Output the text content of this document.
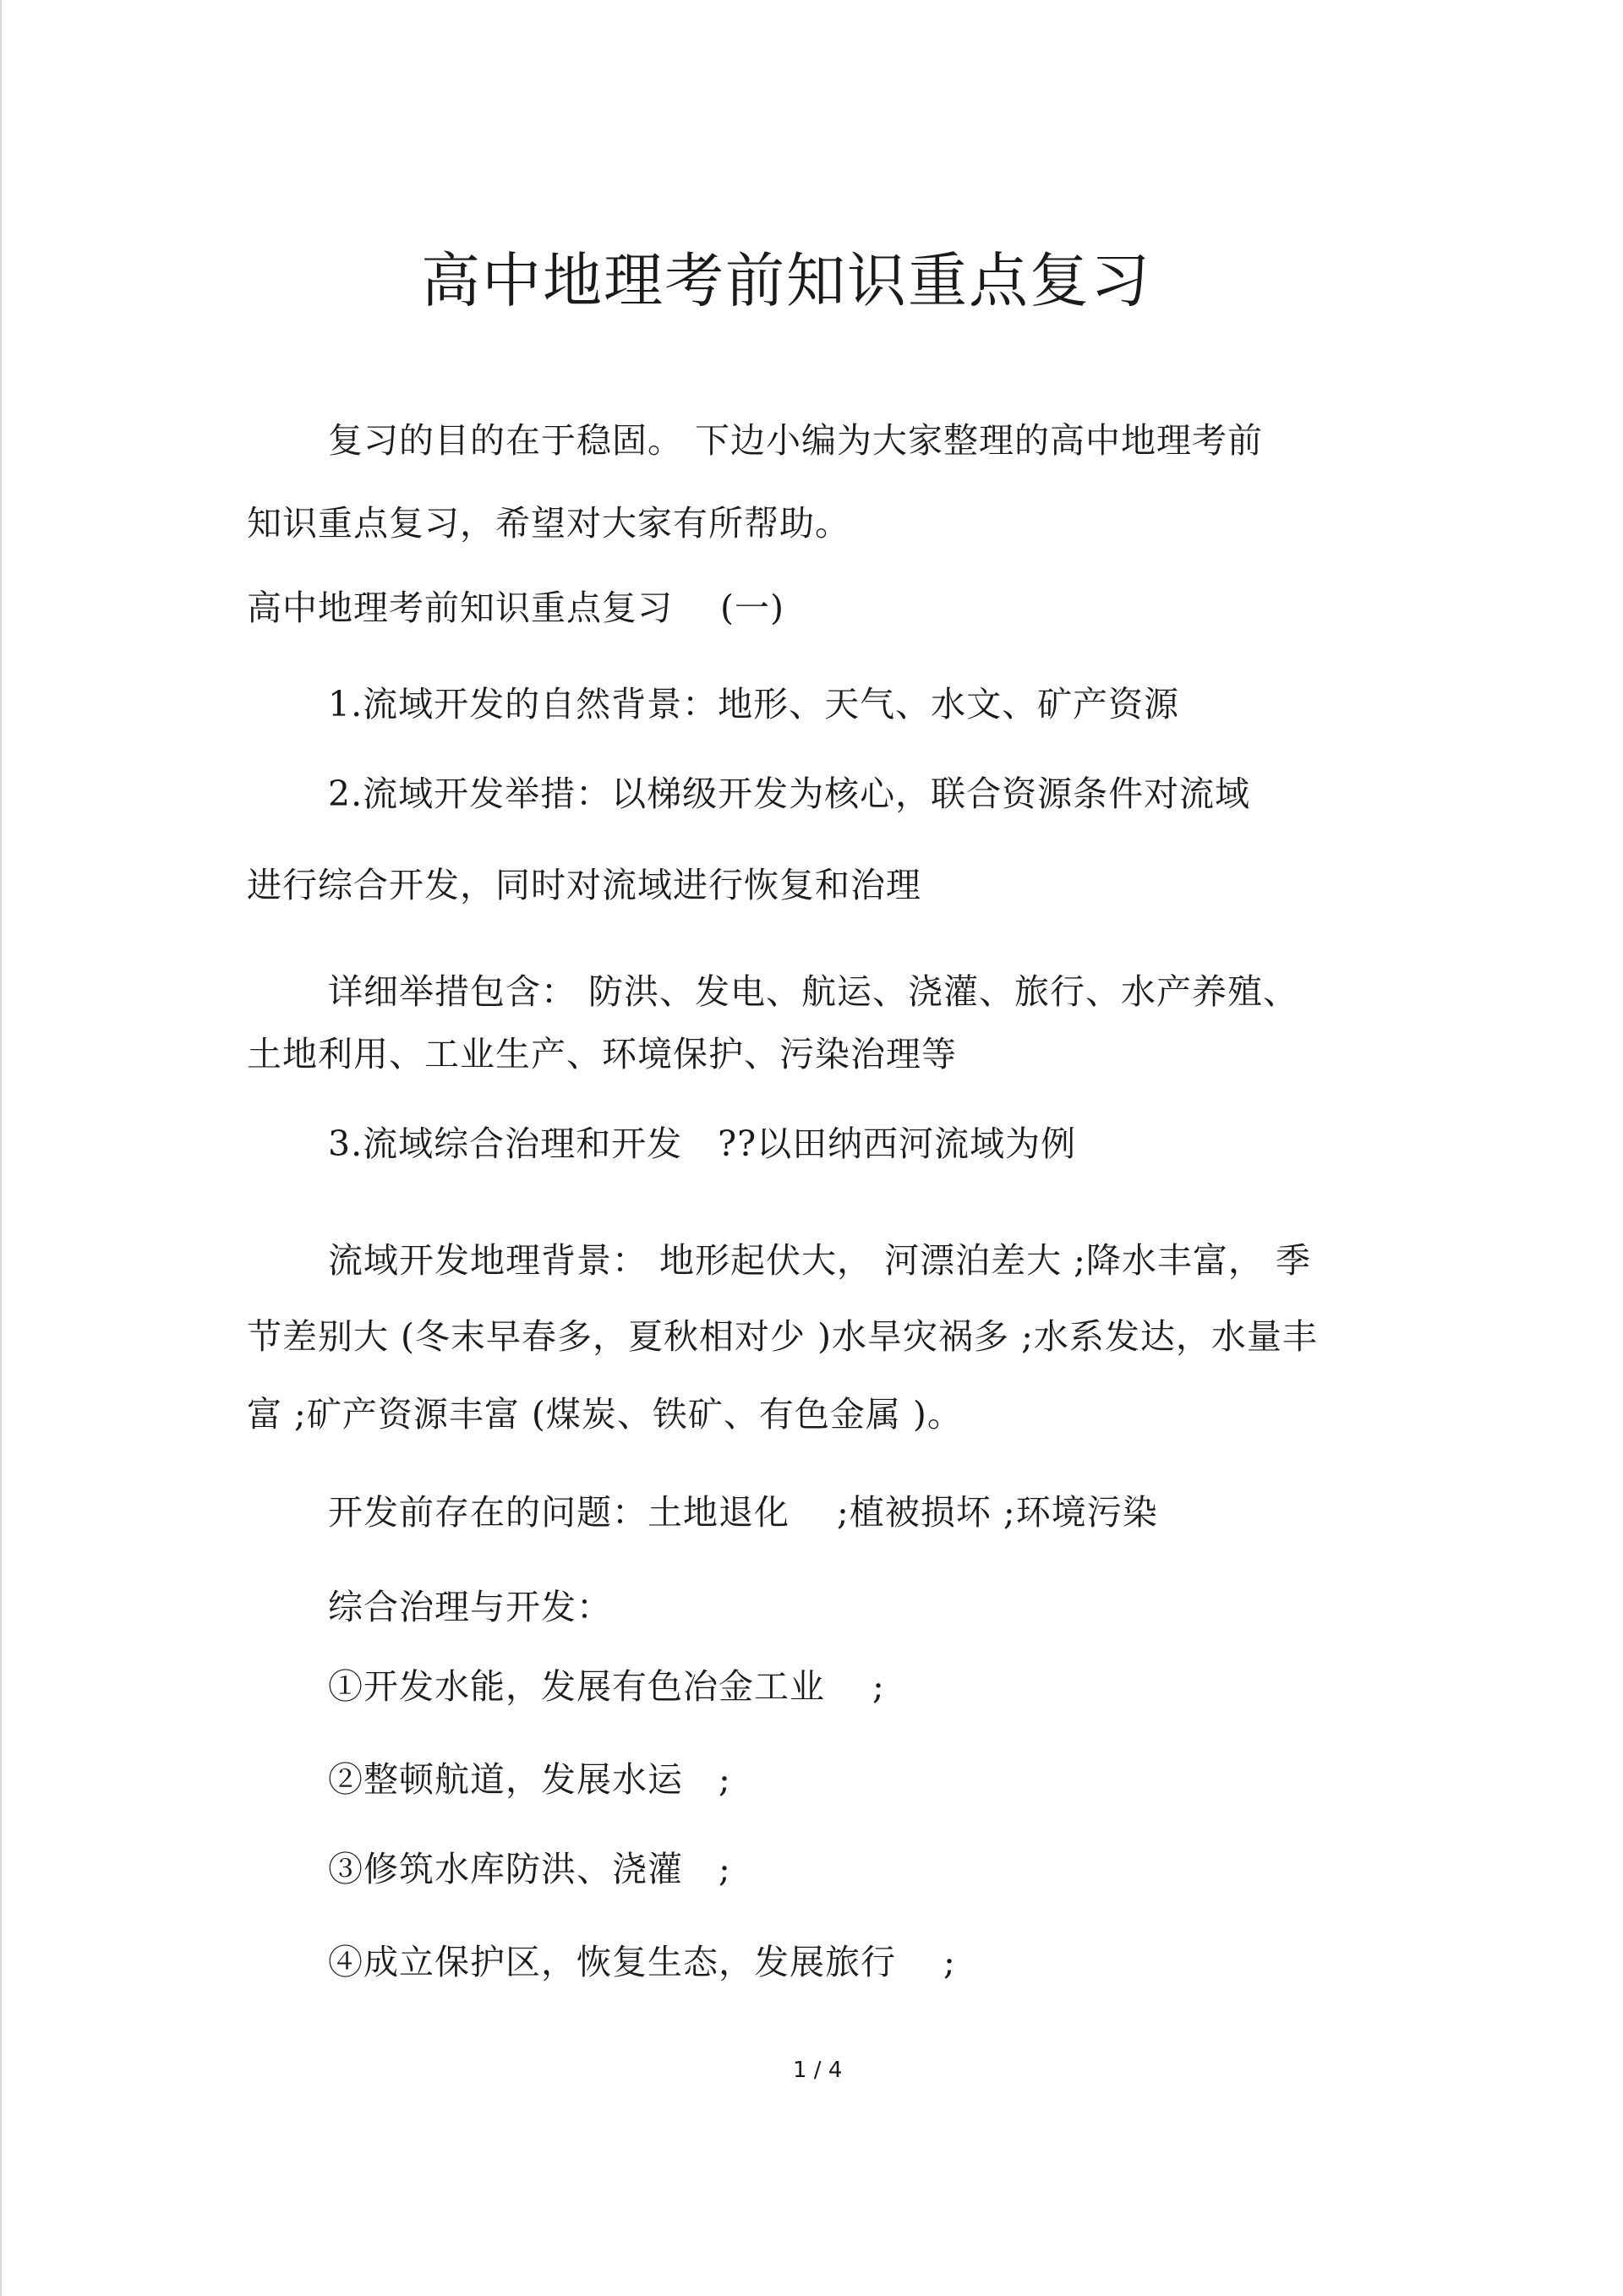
高中地理考前知识重点复习
复习的目的在于稳固。 下边小编为大家整理的高中地理考前
知识重点复习，希望对大家有所帮助。
高中地理考前知识重点复习　 (一)
1.流域开发的自然背景：地形、天气、水文、矿产资源
2.流域开发举措：以梯级开发为核心，联合资源条件对流域
进行综合开发，同时对流域进行恢复和治理
详细举措包含： 防洪、发电、航运、浇灌、旅行、水产养殖、
土地利用、工业生产、环境保护、污染治理等
3.流域综合治理和开发　??以田纳西河流域为例
流域开发地理背景： 地形起伏大， 河漂泊差大 ;降水丰富， 季
节差别大 (冬末早春多，夏秋相对少 )水旱灾祸多 ;水系发达，水量丰
富 ;矿产资源丰富 (煤炭、铁矿、有色金属 )。
开发前存在的问题：土地退化　 ;植被损坏 ;环境污染
综合治理与开发：
①开发水能，发展有色冶金工业　 ;
②整顿航道，发展水运　;
③修筑水库防洪、浇灌　;
④成立保护区，恢复生态，发展旅行　 ;
1 / 4
